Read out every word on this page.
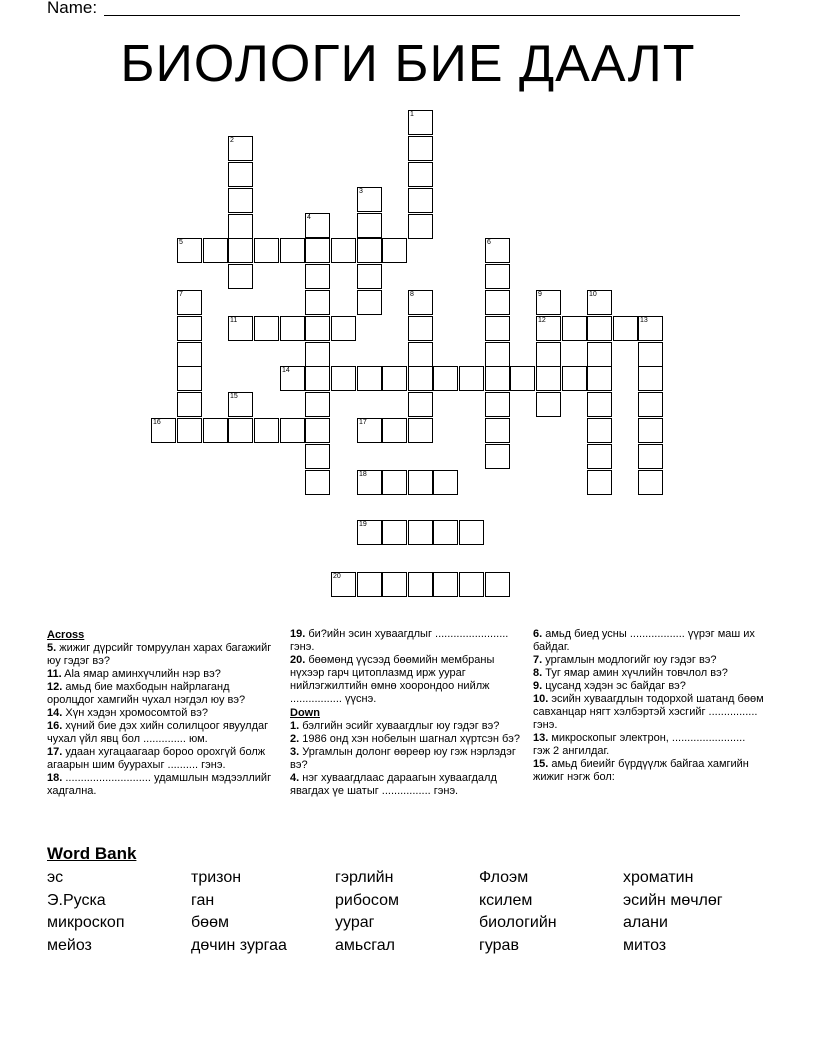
Name:
БИОЛОГИ БИЕ ДААЛТ
1
2
3
4
5	6
7	8	9	10
11	12	13
14
15
16	17
18
19
20
Across
5. жижиг дүрсийг томруулан харах багажийг юу гэдэг вэ?
11. Ala ямар аминхүчлийн нэр вэ?
12. амьд бие махбодын найрлаганд оролцдог хамгийн чухал нэгдэл юу вэ?
14. Хүн хэдэн хромосомтой вэ?
16. хүний бие дэх хийн солилцоог явуулдаг чухал үйл явц бол .............. юм.
17. удаан хугацаагаар бороо орохгүй болж агаарын шим буурахыг .......... гэнэ.
18. ............................ удамшлын мэдээллийг хадгална.
19. би?ийн эсин хуваагдлыг ........................ гэнэ.
20. бөөмөнд үүсээд бөөмийн мембраны нүхээр гарч цитоплазмд ирж уураг нийлэгжилтийн өмнө хоорондоо нийлж ................. үүснэ.
Down
1. бэлгийн эсийг хуваагдлыг юу гэдэг вэ?
2. 1986 онд хэн нобелын шагнал хүртсэн бэ?
3. Ургамлын долонг өөреөр юу гэж нэрлэдэг вэ?
4. нэг хуваагдлаас дараагын хуваагдалд явагдах үе шатыг ................ гэнэ.
6. амьд биед усны .................. үүрэг маш их байдаг.
7. ургамлын модлогийг юу гэдэг вэ?
8. Туг ямар амин хүчлийн товчлол вэ?
9. цусанд хэдэн эс байдаг вэ?
10. эсийн хуваагдлын тодорхой шатанд бөөм савханцар нягт хэлбэртэй хэсгийг ................ гэнэ.
13. микроскопыг электрон, ........................ гэж 2 ангилдаг.
15. амьд биеийг бүрдүүлж байгаа хамгийн жижиг нэгж бол:
Word Bank
эс	тризон	гэрлийн	Флоэм	хроматин
Э.Руска	ган	рибосом	ксилем	эсийн мөчлөг
микроскоп	бөөм	уураг	биологийн	алани
мейоз	дөчин зургаа	амьсгал	гурав	митоз
